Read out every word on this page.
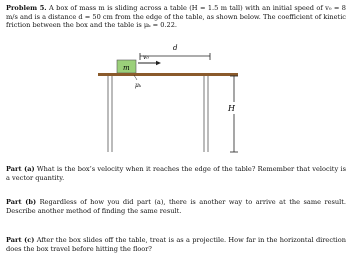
Problem 5. A box of mass m is sliding across a table (H = 1.5 m tall) with an initial speed of v₀ = 8 m/s and is a distance d = 50 cm from the edge of the table, as shown below. The coefficient of kinetic friction between the box and the table is μₖ = 0.22.
d
v₀
m
μₖ
H
Part (a) What is the box’s velocity when it reaches the edge of the table? Remember that velocity is a vector quantity.
Part (b) Regardless of how you did part (a), there is another way to arrive at the same result. Describe another method of finding the same result.
Part (c) After the box slides off the table, treat is as a projectile. How far in the horizontal direction does the box travel before hitting the floor?
